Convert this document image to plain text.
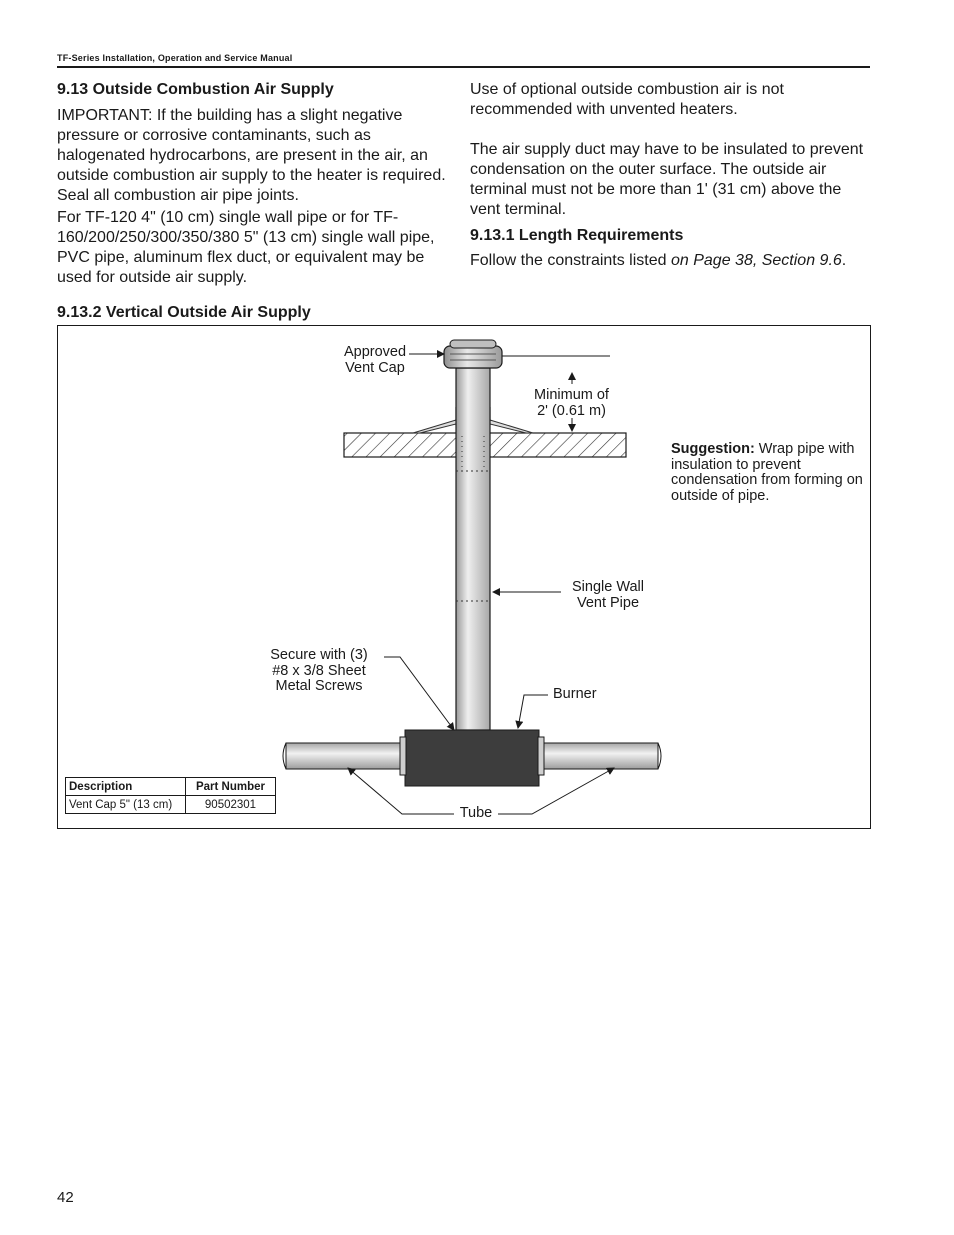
TF-Series Installation, Operation and Service Manual
9.13 Outside Combustion Air Supply

IMPORTANT: If the building has a slight negative pressure or corrosive contaminants, such as halogenated hydrocarbons, are present in the air, an outside combustion air supply to the heater is required. Seal all combustion air pipe joints.

For TF-120 4" (10 cm) single wall pipe or for TF-160/200/250/300/350/380 5" (13 cm) single wall pipe, PVC pipe, aluminum flex duct, or equivalent may be used for outside air supply.

Use of optional outside combustion air is not recommended with unvented heaters.

The air supply duct may have to be insulated to prevent condensation on the outer surface. The outside air terminal must not be more than 1' (31 cm) above the vent terminal.

9.13.1 Length Requirements

Follow the constraints listed on Page 38, Section 9.6.

9.13.2 Vertical Outside Air Supply
Approved
Vent Cap
Minimum of
2' (0.61 m)
Single Wall
Vent Pipe
Secure with (3)
#8 x 3/8 Sheet
Metal Screws	Burner
Tube
Suggestion: Wrap pipe with insulation to prevent condensation from forming on outside of pipe.
Description	Part Number
Vent Cap 5" (13 cm)	90502301
42
